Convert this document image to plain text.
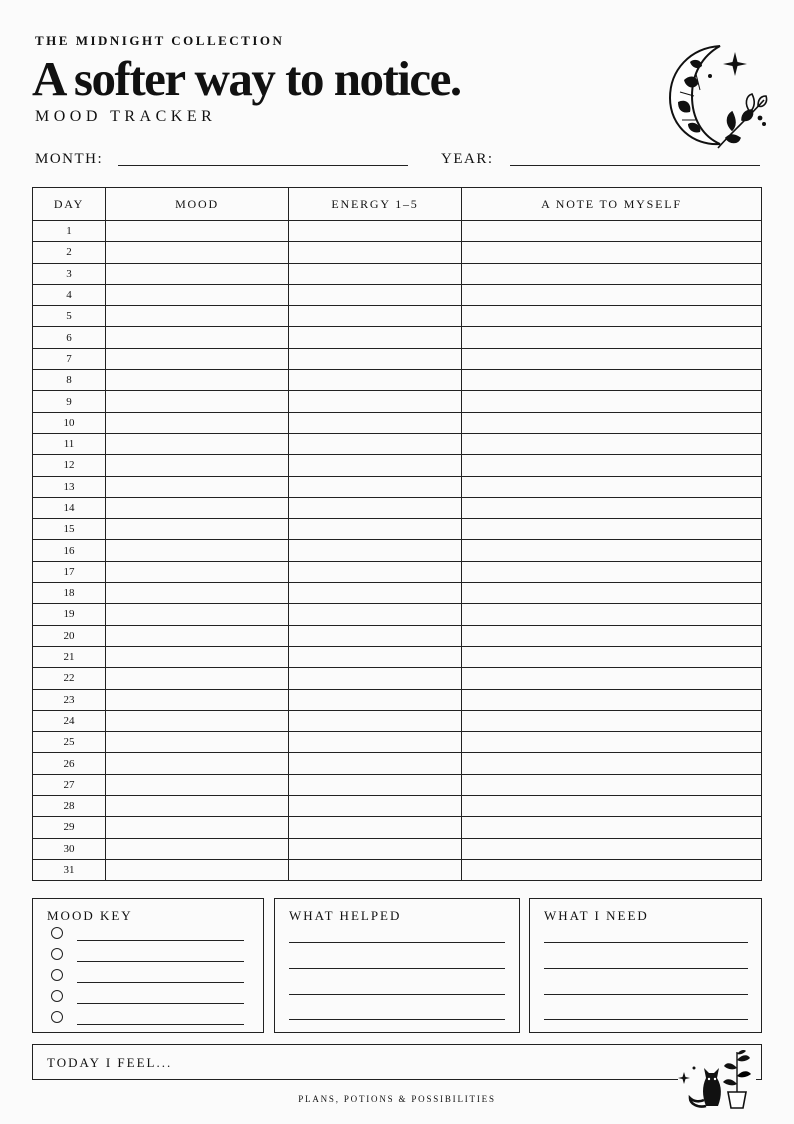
THE MIDNIGHT COLLECTION
A softer way to notice.
MOOD TRACKER
MONTH:	YEAR:
DAY	MOOD	ENERGY 1–5	A NOTE TO MYSELF
1
2
3
4
5
6
7
8
9
10
11
12
13
14
15
16
17
18
19
20
21
22
23
24
25
26
27
28
29
30
31
MOOD KEY	WHAT HELPED	WHAT I NEED
TODAY I FEEL...
PLANS, POTIONS & POSSIBILITIES
